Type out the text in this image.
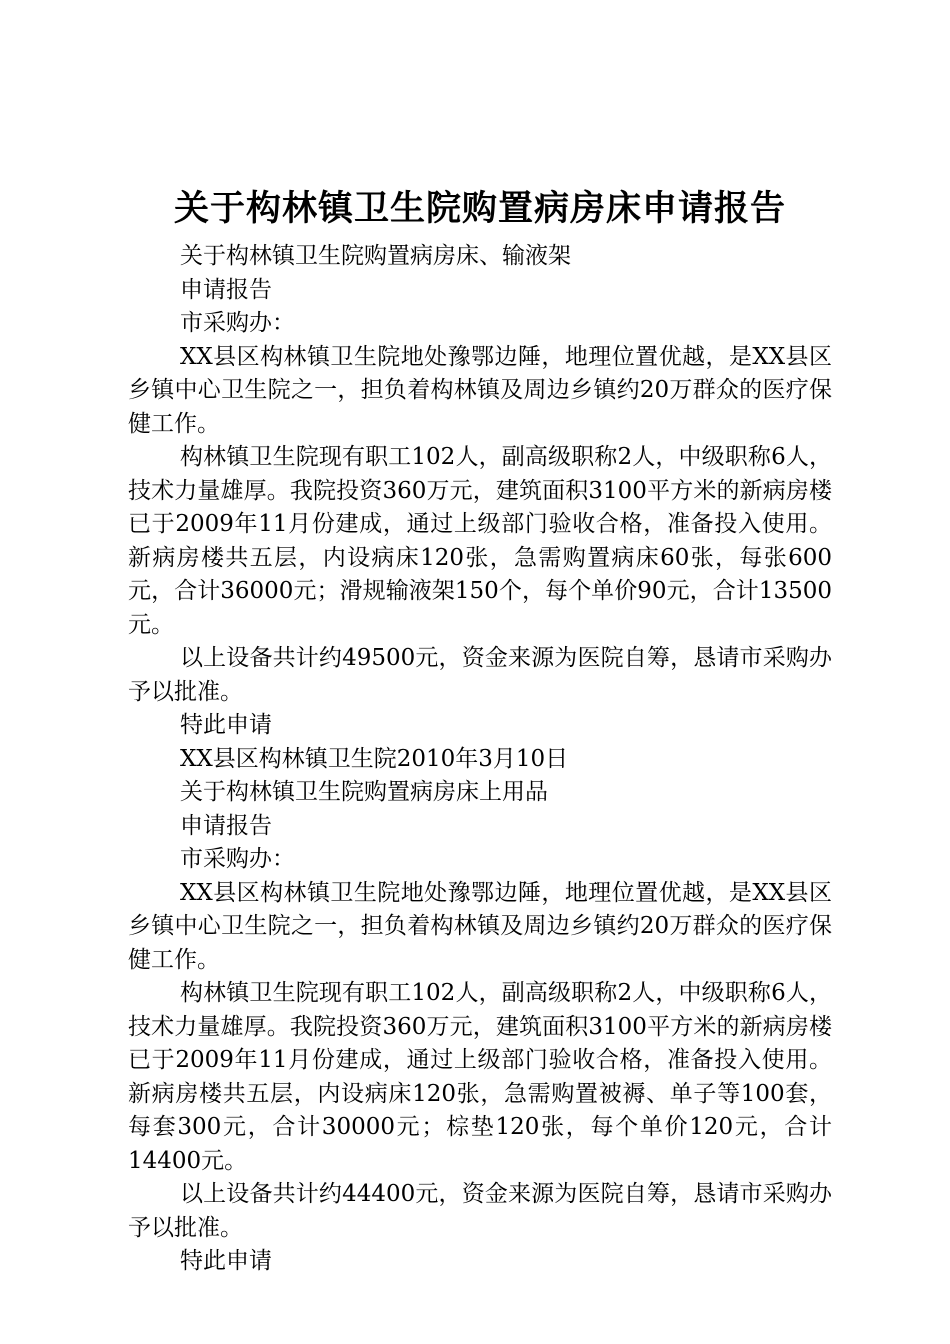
关于构林镇卫生院购置病房床申请报告

关于构林镇卫生院购置病房床、输液架

申请报告

市采购办：

XX县区构林镇卫生院地处豫鄂边陲，地理位置优越，是XX县区乡镇中心卫生院之一，担负着构林镇及周边乡镇约20万群众的医疗保健工作。

构林镇卫生院现有职工102人，副高级职称2人，中级职称6人，技术力量雄厚。我院投资360万元，建筑面积3100平方米的新病房楼已于2009年11月份建成，通过上级部门验收合格，准备投入使用。新病房楼共五层，内设病床120张，急需购置病床60张，每张600元，合计36000元；滑规输液架150个，每个单价90元，合计13500元。

以上设备共计约49500元，资金来源为医院自筹，恳请市采购办予以批准。

特此申请

XX县区构林镇卫生院2010年3月10日

关于构林镇卫生院购置病房床上用品

申请报告

市采购办：

XX县区构林镇卫生院地处豫鄂边陲，地理位置优越，是XX县区乡镇中心卫生院之一，担负着构林镇及周边乡镇约20万群众的医疗保健工作。

构林镇卫生院现有职工102人，副高级职称2人，中级职称6人，技术力量雄厚。我院投资360万元，建筑面积3100平方米的新病房楼已于2009年11月份建成，通过上级部门验收合格，准备投入使用。新病房楼共五层，内设病床120张，急需购置被褥、单子等100套，每套300元，合计30000元；棕垫120张，每个单价120元，合计14400元。

以上设备共计约44400元，资金来源为医院自筹，恳请市采购办予以批准。

特此申请
